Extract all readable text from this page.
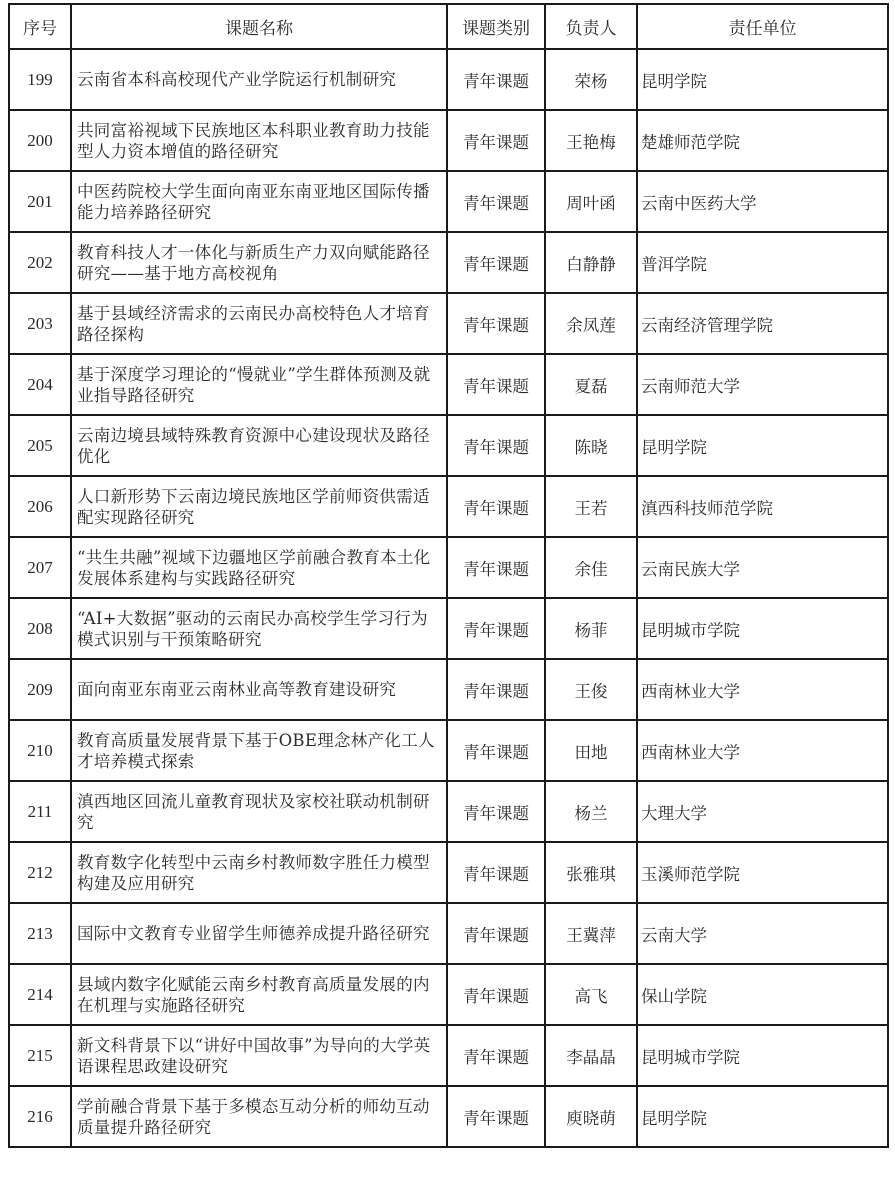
序号	课题名称	课题类别	负责人	责任单位
199	云南省本科高校现代产业学院运行机制研究	青年课题	荣杨	昆明学院
200	共同富裕视域下民族地区本科职业教育助力技能型人力资本增值的路径研究	青年课题	王艳梅	楚雄师范学院
201	中医药院校大学生面向南亚东南亚地区国际传播能力培养路径研究	青年课题	周叶函	云南中医药大学
202	教育科技人才一体化与新质生产力双向赋能路径研究——基于地方高校视角	青年课题	白静静	普洱学院
203	基于县域经济需求的云南民办高校特色人才培育路径探构	青年课题	余凤莲	云南经济管理学院
204	基于深度学习理论的“慢就业”学生群体预测及就业指导路径研究	青年课题	夏磊	云南师范大学
205	云南边境县域特殊教育资源中心建设现状及路径优化	青年课题	陈晓	昆明学院
206	人口新形势下云南边境民族地区学前师资供需适配实现路径研究	青年课题	王若	滇西科技师范学院
207	“共生共融”视域下边疆地区学前融合教育本土化发展体系建构与实践路径研究	青年课题	余佳	云南民族大学
208	“AI+大数据”驱动的云南民办高校学生学习行为模式识别与干预策略研究	青年课题	杨菲	昆明城市学院
209	面向南亚东南亚云南林业高等教育建设研究	青年课题	王俊	西南林业大学
210	教育高质量发展背景下基于OBE理念林产化工人才培养模式探索	青年课题	田地	西南林业大学
211	滇西地区回流儿童教育现状及家校社联动机制研究	青年课题	杨兰	大理大学
212	教育数字化转型中云南乡村教师数字胜任力模型构建及应用研究	青年课题	张雅琪	玉溪师范学院
213	国际中文教育专业留学生师德养成提升路径研究	青年课题	王冀萍	云南大学
214	县域内数字化赋能云南乡村教育高质量发展的内在机理与实施路径研究	青年课题	高飞	保山学院
215	新文科背景下以“讲好中国故事”为导向的大学英语课程思政建设研究	青年课题	李晶晶	昆明城市学院
216	学前融合背景下基于多模态互动分析的师幼互动质量提升路径研究	青年课题	庾晓萌	昆明学院
